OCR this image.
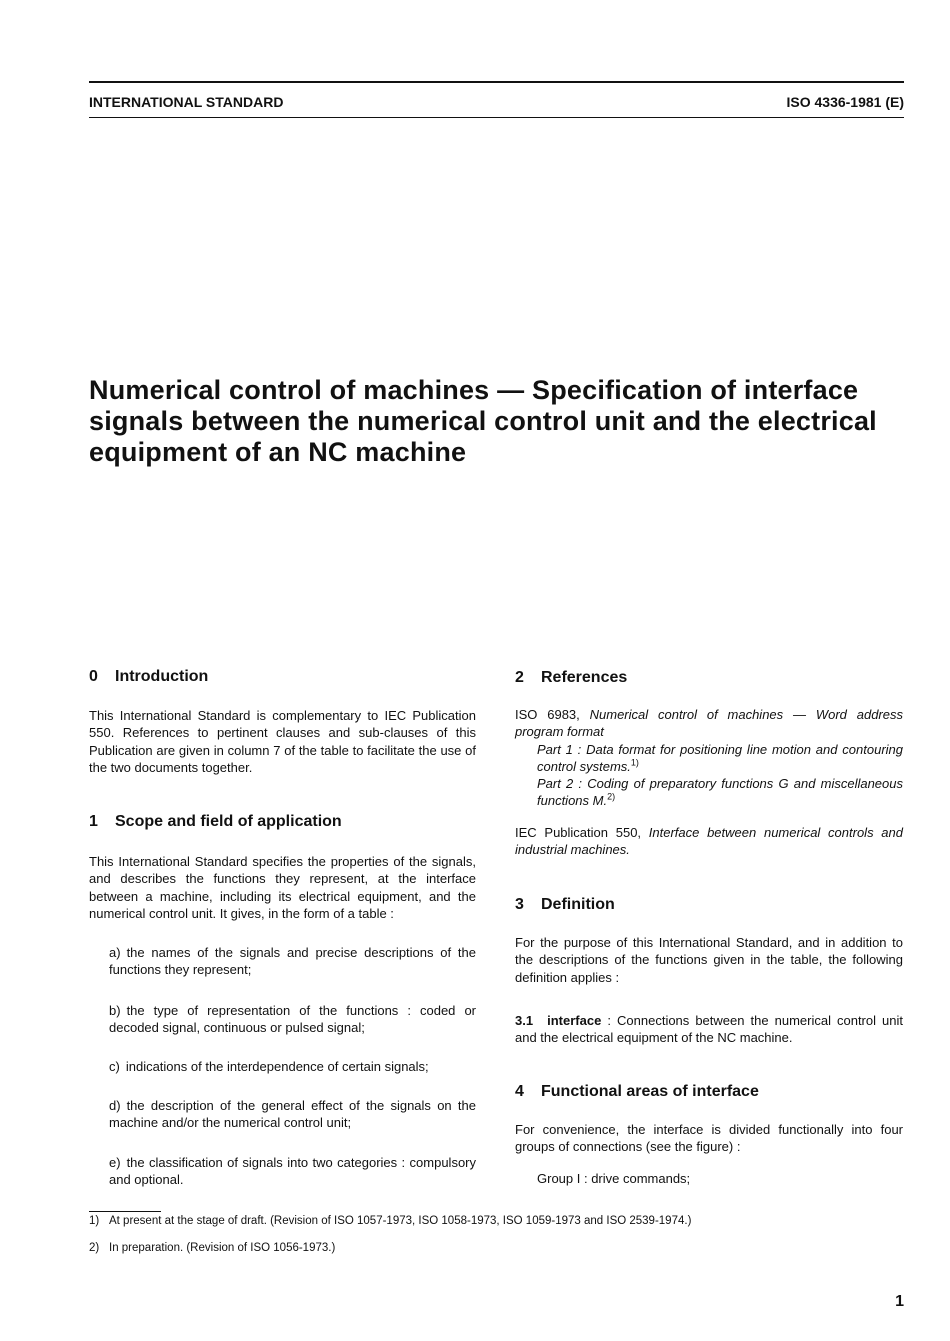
INTERNATIONAL STANDARD	ISO 4336-1981 (E)
Numerical control of machines — Specification of interface signals between the numerical control unit and the electrical equipment of an NC machine
0 Introduction
This International Standard is complementary to IEC Publication 550. References to pertinent clauses and sub-clauses of this Publication are given in column 7 of the table to facilitate the use of the two documents together.
1 Scope and field of application
This International Standard specifies the properties of the signals, and describes the functions they represent, at the interface between a machine, including its electrical equipment, and the numerical control unit. It gives, in the form of a table :
a) the names of the signals and precise descriptions of the functions they represent;
b) the type of representation of the functions : coded or decoded signal, continuous or pulsed signal;
c) indications of the interdependence of certain signals;
d) the description of the general effect of the signals on the machine and/or the numerical control unit;
e) the classification of signals into two categories : compulsory and optional.
2 References
ISO 6983, Numerical control of machines — Word address program format
Part 1 : Data format for positioning line motion and contouring control systems.$^{1)}$
Part 2 : Coding of preparatory functions G and miscellaneous functions M.$^{2)}$
IEC Publication 550, Interface between numerical controls and industrial machines.
3 Definition
For the purpose of this International Standard, and in addition to the descriptions of the functions given in the table, the following definition applies :
3.1 interface : Connections between the numerical control unit and the electrical equipment of the NC machine.
4 Functional areas of interface
For convenience, the interface is divided functionally into four groups of connections (see the figure) :
Group I : drive commands;
1) At present at the stage of draft. (Revision of ISO 1057-1973, ISO 1058-1973, ISO 1059-1973 and ISO 2539-1974.)
2) In preparation. (Revision of ISO 1056-1973.)
1
